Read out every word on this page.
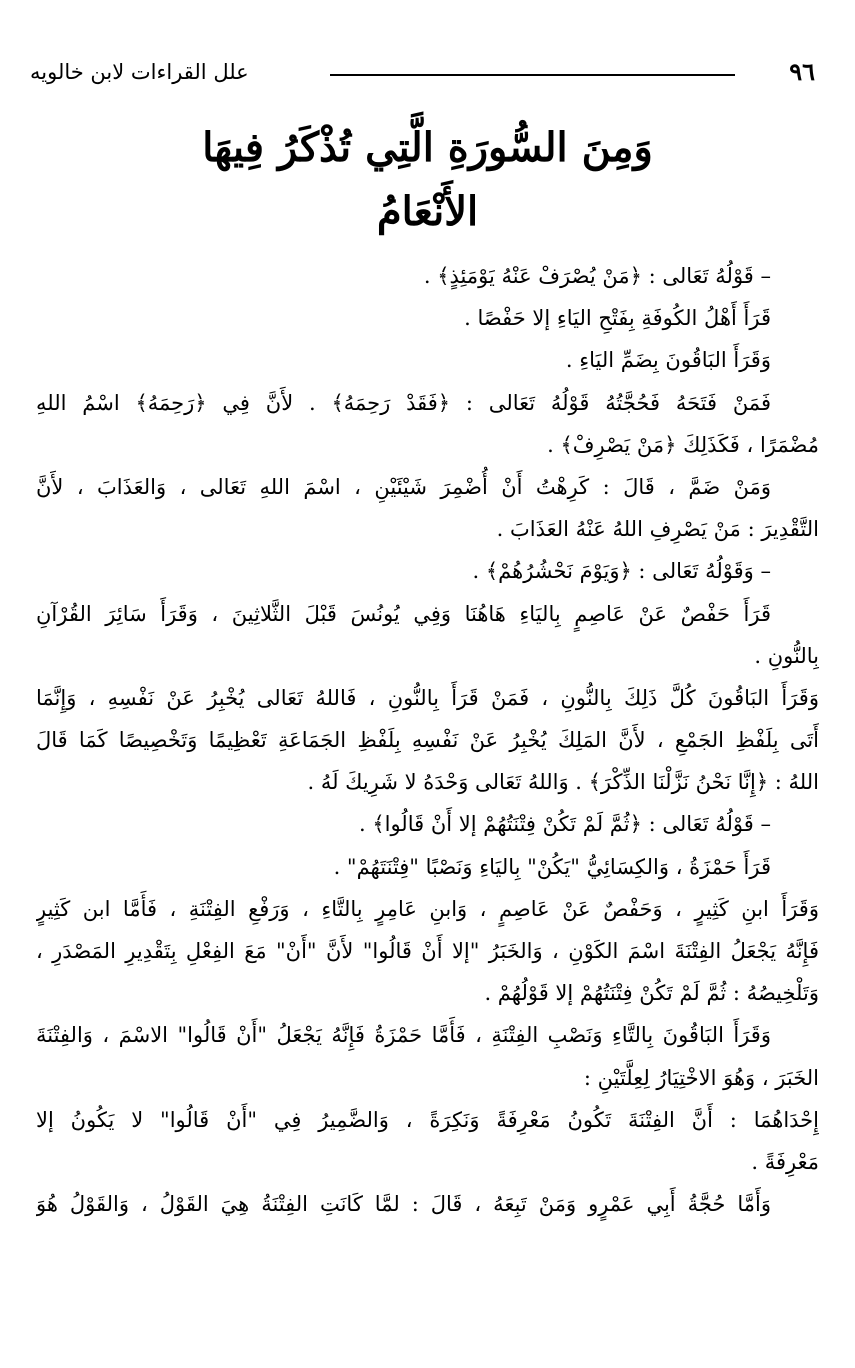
٩٦
علل القراءات لابن خالويه
وَمِنَ السُّورَةِ الَّتِي تُذْكَرُ فِيهَا
الأَنْعَامُ
– قَوْلُهُ تَعَالى : ﴿مَنْ يُصْرَفْ عَنْهُ يَوْمَئِذٍ﴾ .
قَرَأَ أَهْلُ الكُوفَةِ بِفَتْحِ اليَاءِ إلا حَفْصًا .
وَقَرَأَ البَاقُونَ بِضَمِّ اليَاءِ .
فَمَنْ فَتَحَهُ فَحُجَّتُهُ قَوْلُهُ تَعَالى : ﴿فَقَدْ رَحِمَهُ﴾ . لأَنَّ فِي ﴿رَحِمَهُ﴾ اسْمُ اللهِ
مُضْمَرًا ، فَكَذَلِكَ ﴿مَنْ يَصْرِفْ﴾ .
وَمَنْ ضَمَّ ، قَالَ : كَرِهْتُ أَنْ أُضْمِرَ شَيْئَيْنِ ، اسْمَ اللهِ تَعَالى ، وَالعَذَابَ ، لأَنَّ
التَّقْدِيرَ : مَنْ يَصْرِفِ اللهُ عَنْهُ العَذَابَ .
– وَقَوْلُهُ تَعَالى : ﴿وَيَوْمَ نَحْشُرُهُمْ﴾ .
قَرَأَ حَفْصٌ عَنْ عَاصِمٍ بِاليَاءِ هَاهُنَا وَفِي يُونُسَ قَبْلَ الثَّلاثِينَ ، وَقَرَأَ سَائِرَ القُرْآنِ
بِالنُّونِ .
وَقَرَأَ البَاقُونَ كُلَّ ذَلِكَ بِالنُّونِ ، فَمَنْ قَرَأَ بِالنُّونِ ، فَاللهُ تَعَالى يُخْبِرُ عَنْ نَفْسِهِ ، وَإِنَّمَا
أَتَى بِلَفْظِ الجَمْعِ ، لأَنَّ المَلِكَ يُخْبِرُ عَنْ نَفْسِهِ بِلَفْظِ الجَمَاعَةِ تَعْظِيمًا وَتَخْصِيصًا كَمَا قَالَ
اللهُ : ﴿إِنَّا نَحْنُ نَزَّلْنَا الذِّكْرَ﴾ . وَاللهُ تَعَالى وَحْدَهُ لا شَرِيكَ لَهُ .
– قَوْلُهُ تَعَالى : ﴿ثُمَّ لَمْ تَكُنْ فِتْنَتُهُمْ إلا أَنْ قَالُوا﴾ .
قَرَأَ حَمْزَةُ ، وَالكِسَائِيُّ "يَكُنْ" بِاليَاءِ وَنَصْبًا "فِتْنَتَهُمْ" .
وَقَرَأَ ابنِ كَثِيرٍ ، وَحَفْصٌ عَنْ عَاصِمٍ ، وَابنِ عَامِرٍ بِالتَّاءِ ، وَرَفْعِ الفِتْنَةِ ، فَأَمَّا ابن كَثِيرٍ
فَإِنَّهُ يَجْعَلُ الفِتْنَةَ اسْمَ الكَوْنِ ، وَالخَبَرُ "إلا أَنْ قَالُوا" لأَنَّ "أَنْ" مَعَ الفِعْلِ بِتَقْدِيرِ المَصْدَرِ ،
وَتَلْخِيصُهُ : ثُمَّ لَمْ تَكُنْ فِتْنَتُهُمْ إلا قَوْلُهُمْ .
وَقَرَأَ البَاقُونَ بِالتَّاءِ وَنَصْبِ الفِتْنَةِ ، فَأَمَّا حَمْزَةُ فَإِنَّهُ يَجْعَلُ "أَنْ قَالُوا" الاسْمَ ، وَالفِتْنَةَ
الخَبَرَ ، وَهُوَ الاخْتِيَارُ لِعِلَّتَيْنِ :
إِحْدَاهُمَا : أَنَّ الفِتْنَةَ تَكُونُ مَعْرِفَةً وَنَكِرَةً ، وَالضَّمِيرُ فِي "أَنْ قَالُوا" لا يَكُونُ إلا
مَعْرِفَةً .
وَأَمَّا حُجَّةُ أَبِي عَمْرٍو وَمَنْ تَبِعَهُ ، قَالَ : لمَّا كَانَتِ الفِتْنَةُ هِيَ القَوْلُ ، وَالقَوْلُ هُوَ
